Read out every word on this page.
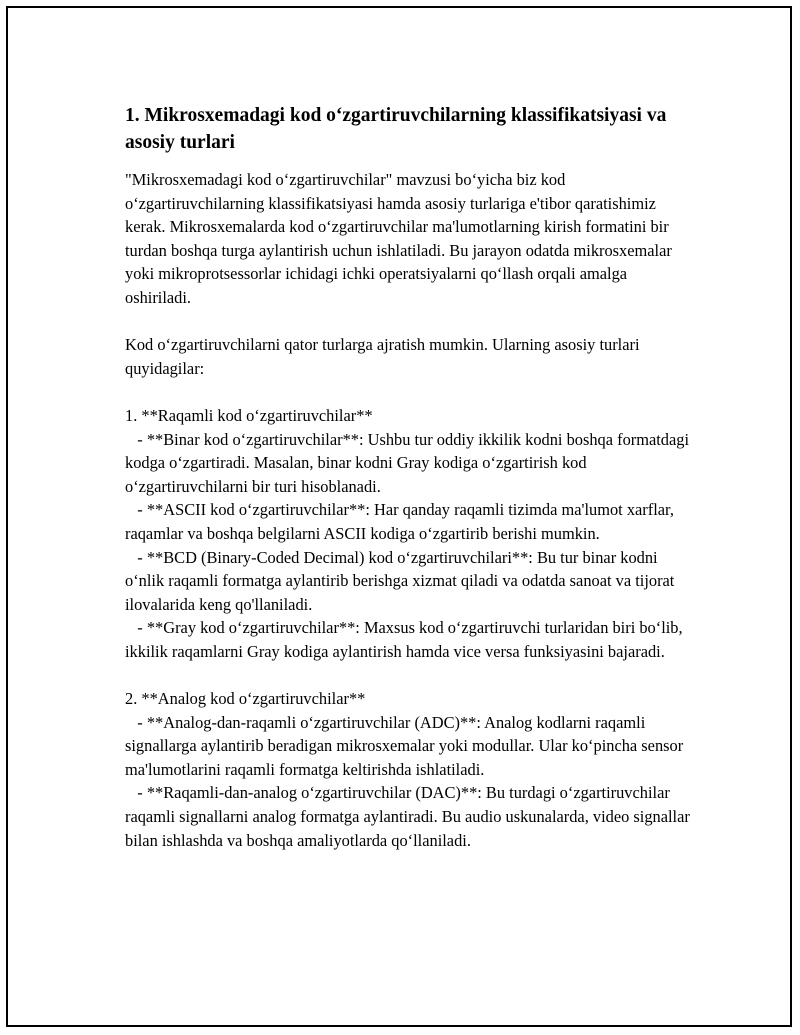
1. Mikrosxemadagi kod o‘zgartiruvchilarning klassifikatsiyasi va asosiy turlari

"Mikrosxemadagi kod o‘zgartiruvchilar" mavzusi bo‘yicha biz kod o‘zgartiruvchilarning klassifikatsiyasi hamda asosiy turlariga e'tibor qaratishimiz kerak. Mikrosxemalarda kod o‘zgartiruvchilar ma'lumotlarning kirish formatini bir turdan boshqa turga aylantirish uchun ishlatiladi. Bu jarayon odatda mikrosxemalar yoki mikroprotsessorlar ichidagi ichki operatsiyalarni qo‘llash orqali amalga oshiriladi.

Kod o‘zgartiruvchilarni qator turlarga ajratish mumkin. Ularning asosiy turlari quyidagilar:

1. **Raqamli kod o‘zgartiruvchilar**
- **Binar kod o‘zgartiruvchilar**: Ushbu tur oddiy ikkilik kodni boshqa formatdagi kodga o‘zgartiradi. Masalan, binar kodni Gray kodiga o‘zgartirish kod o‘zgartiruvchilarni bir turi hisoblanadi.
- **ASCII kod o‘zgartiruvchilar**: Har qanday raqamli tizimda ma'lumot xarflar, raqamlar va boshqa belgilarni ASCII kodiga o‘zgartirib berishi mumkin.
- **BCD (Binary-Coded Decimal) kod o‘zgartiruvchilari**: Bu tur binar kodni o‘nlik raqamli formatga aylantirib berishga xizmat qiladi va odatda sanoat va tijorat ilovalarida keng qo'llaniladi.
- **Gray kod o‘zgartiruvchilar**: Maxsus kod o‘zgartiruvchi turlaridan biri bo‘lib, ikkilik raqamlarni Gray kodiga aylantirish hamda vice versa funksiyasini bajaradi.

2. **Analog kod o‘zgartiruvchilar**
- **Analog-dan-raqamli o‘zgartiruvchilar (ADC)**: Analog kodlarni raqamli signallarga aylantirib beradigan mikrosxemalar yoki modullar. Ular ko‘pincha sensor ma'lumotlarini raqamli formatga keltirishda ishlatiladi.
- **Raqamli-dan-analog o‘zgartiruvchilar (DAC)**: Bu turdagi o‘zgartiruvchilar raqamli signallarni analog formatga aylantiradi. Bu audio uskunalarda, video signallar bilan ishlashda va boshqa amaliyotlarda qo‘llaniladi.
